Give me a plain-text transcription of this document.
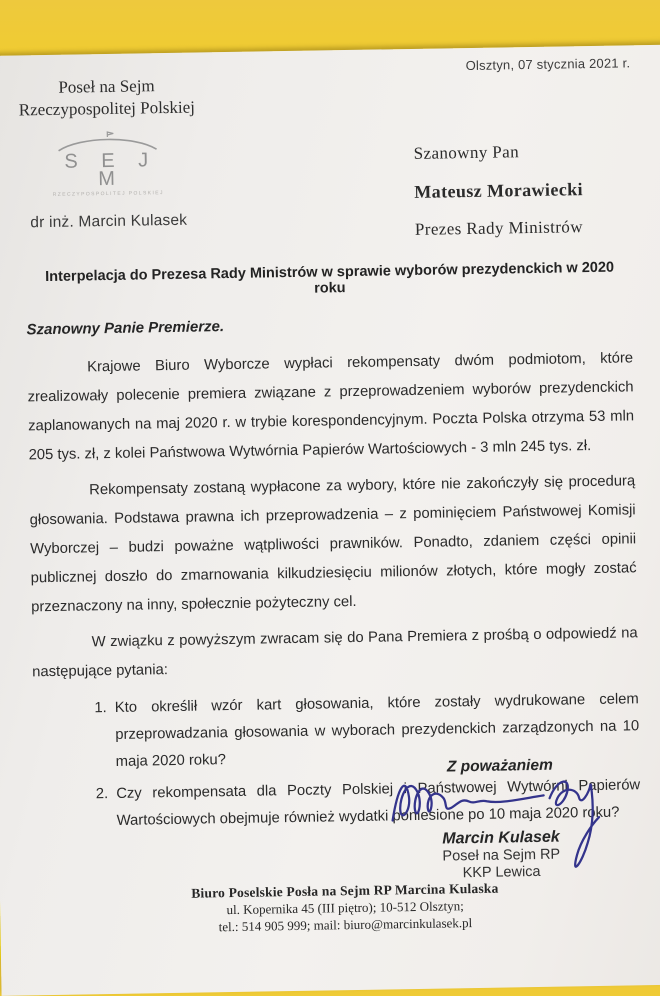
Olsztyn, 07 stycznia 2021 r.
Poseł na Sejm
Rzeczypospolitej Polskiej
S E J M
RZECZYPOSPOLITEJ POLSKIEJ
dr inż. Marcin Kulasek
Szanowny Pan
Mateusz Morawiecki
Prezes Rady Ministrów
Interpelacja do Prezesa Rady Ministrów w sprawie wyborów prezydenckich w 2020 roku
Szanowny Panie Premierze.

Krajowe Biuro Wyborcze wypłaci rekompensaty dwóm podmiotom, które zrealizowały polecenie premiera związane z przeprowadzeniem wyborów prezydenckich zaplanowanych na maj 2020 r. w trybie korespondencyjnym. Poczta Polska otrzyma 53 mln 205 tys. zł, z kolei Państwowa Wytwórnia Papierów Wartościowych - 3 mln 245 tys. zł.

Rekompensaty zostaną wypłacone za wybory, które nie zakończyły się procedurą głosowania. Podstawa prawna ich przeprowadzenia – z pominięciem Państwowej Komisji Wyborczej – budzi poważne wątpliwości prawników. Ponadto, zdaniem części opinii publicznej doszło do zmarnowania kilkudziesięciu milionów złotych, które mogły zostać przeznaczony na inny, społecznie pożyteczny cel.

W związku z powyższym zwracam się do Pana Premiera z prośbą o odpowiedź na następujące pytania:

1. Kto określił wzór kart głosowania, które zostały wydrukowane celem przeprowadzania głosowania w wyborach prezydenckich zarządzonych na 10 maja 2020 roku?
2. Czy rekompensata dla Poczty Polskiej i Państwowej Wytwórni Papierów Wartościowych obejmuje również wydatki poniesione po 10 maja 2020 roku?
Z poważaniem
Marcin Kulasek
Poseł na Sejm RP
KKP Lewica
Biuro Poselskie Posła na Sejm RP Marcina Kulaska
ul. Kopernika 45 (III piętro); 10-512 Olsztyn;
tel.: 514 905 999; mail: biuro@marcinkulasek.pl
